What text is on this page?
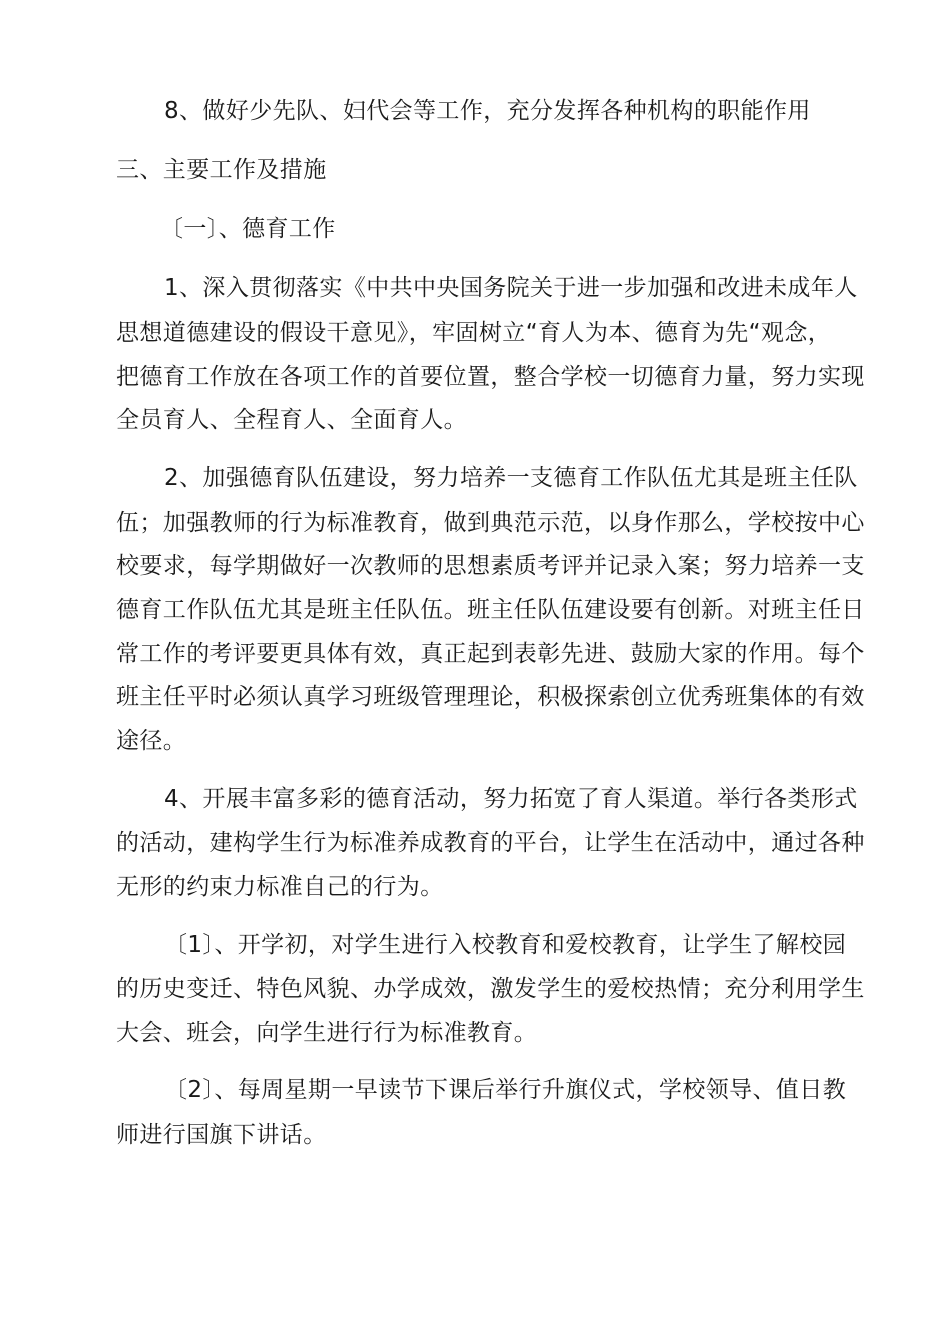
8、做好少先队、妇代会等工作，充分发挥各种机构的职能作用
三、主要工作及措施
〔一〕、德育工作
1、深入贯彻落实《中共中央国务院关于进一步加强和改进未成年人
思想道德建设的假设干意见》，牢固树立“育人为本、德育为先“观念，
把德育工作放在各项工作的首要位置，整合学校一切德育力量，努力实现
全员育人、全程育人、全面育人。
2、加强德育队伍建设，努力培养一支德育工作队伍尤其是班主任队
伍；加强教师的行为标准教育，做到典范示范，以身作那么，学校按中心
校要求，每学期做好一次教师的思想素质考评并记录入案；努力培养一支
德育工作队伍尤其是班主任队伍。班主任队伍建设要有创新。对班主任日
常工作的考评要更具体有效，真正起到表彰先进、鼓励大家的作用。每个
班主任平时必须认真学习班级管理理论，积极探索创立优秀班集体的有效
途径。
4、开展丰富多彩的德育活动，努力拓宽了育人渠道。举行各类形式
的活动，建构学生行为标准养成教育的平台，让学生在活动中，通过各种
无形的约束力标准自己的行为。
〔1〕、开学初，对学生进行入校教育和爱校教育，让学生了解校园
的历史变迁、特色风貌、办学成效，激发学生的爱校热情；充分利用学生
大会、班会，向学生进行行为标准教育。
〔2〕、每周星期一早读节下课后举行升旗仪式，学校领导、值日教
师进行国旗下讲话。
